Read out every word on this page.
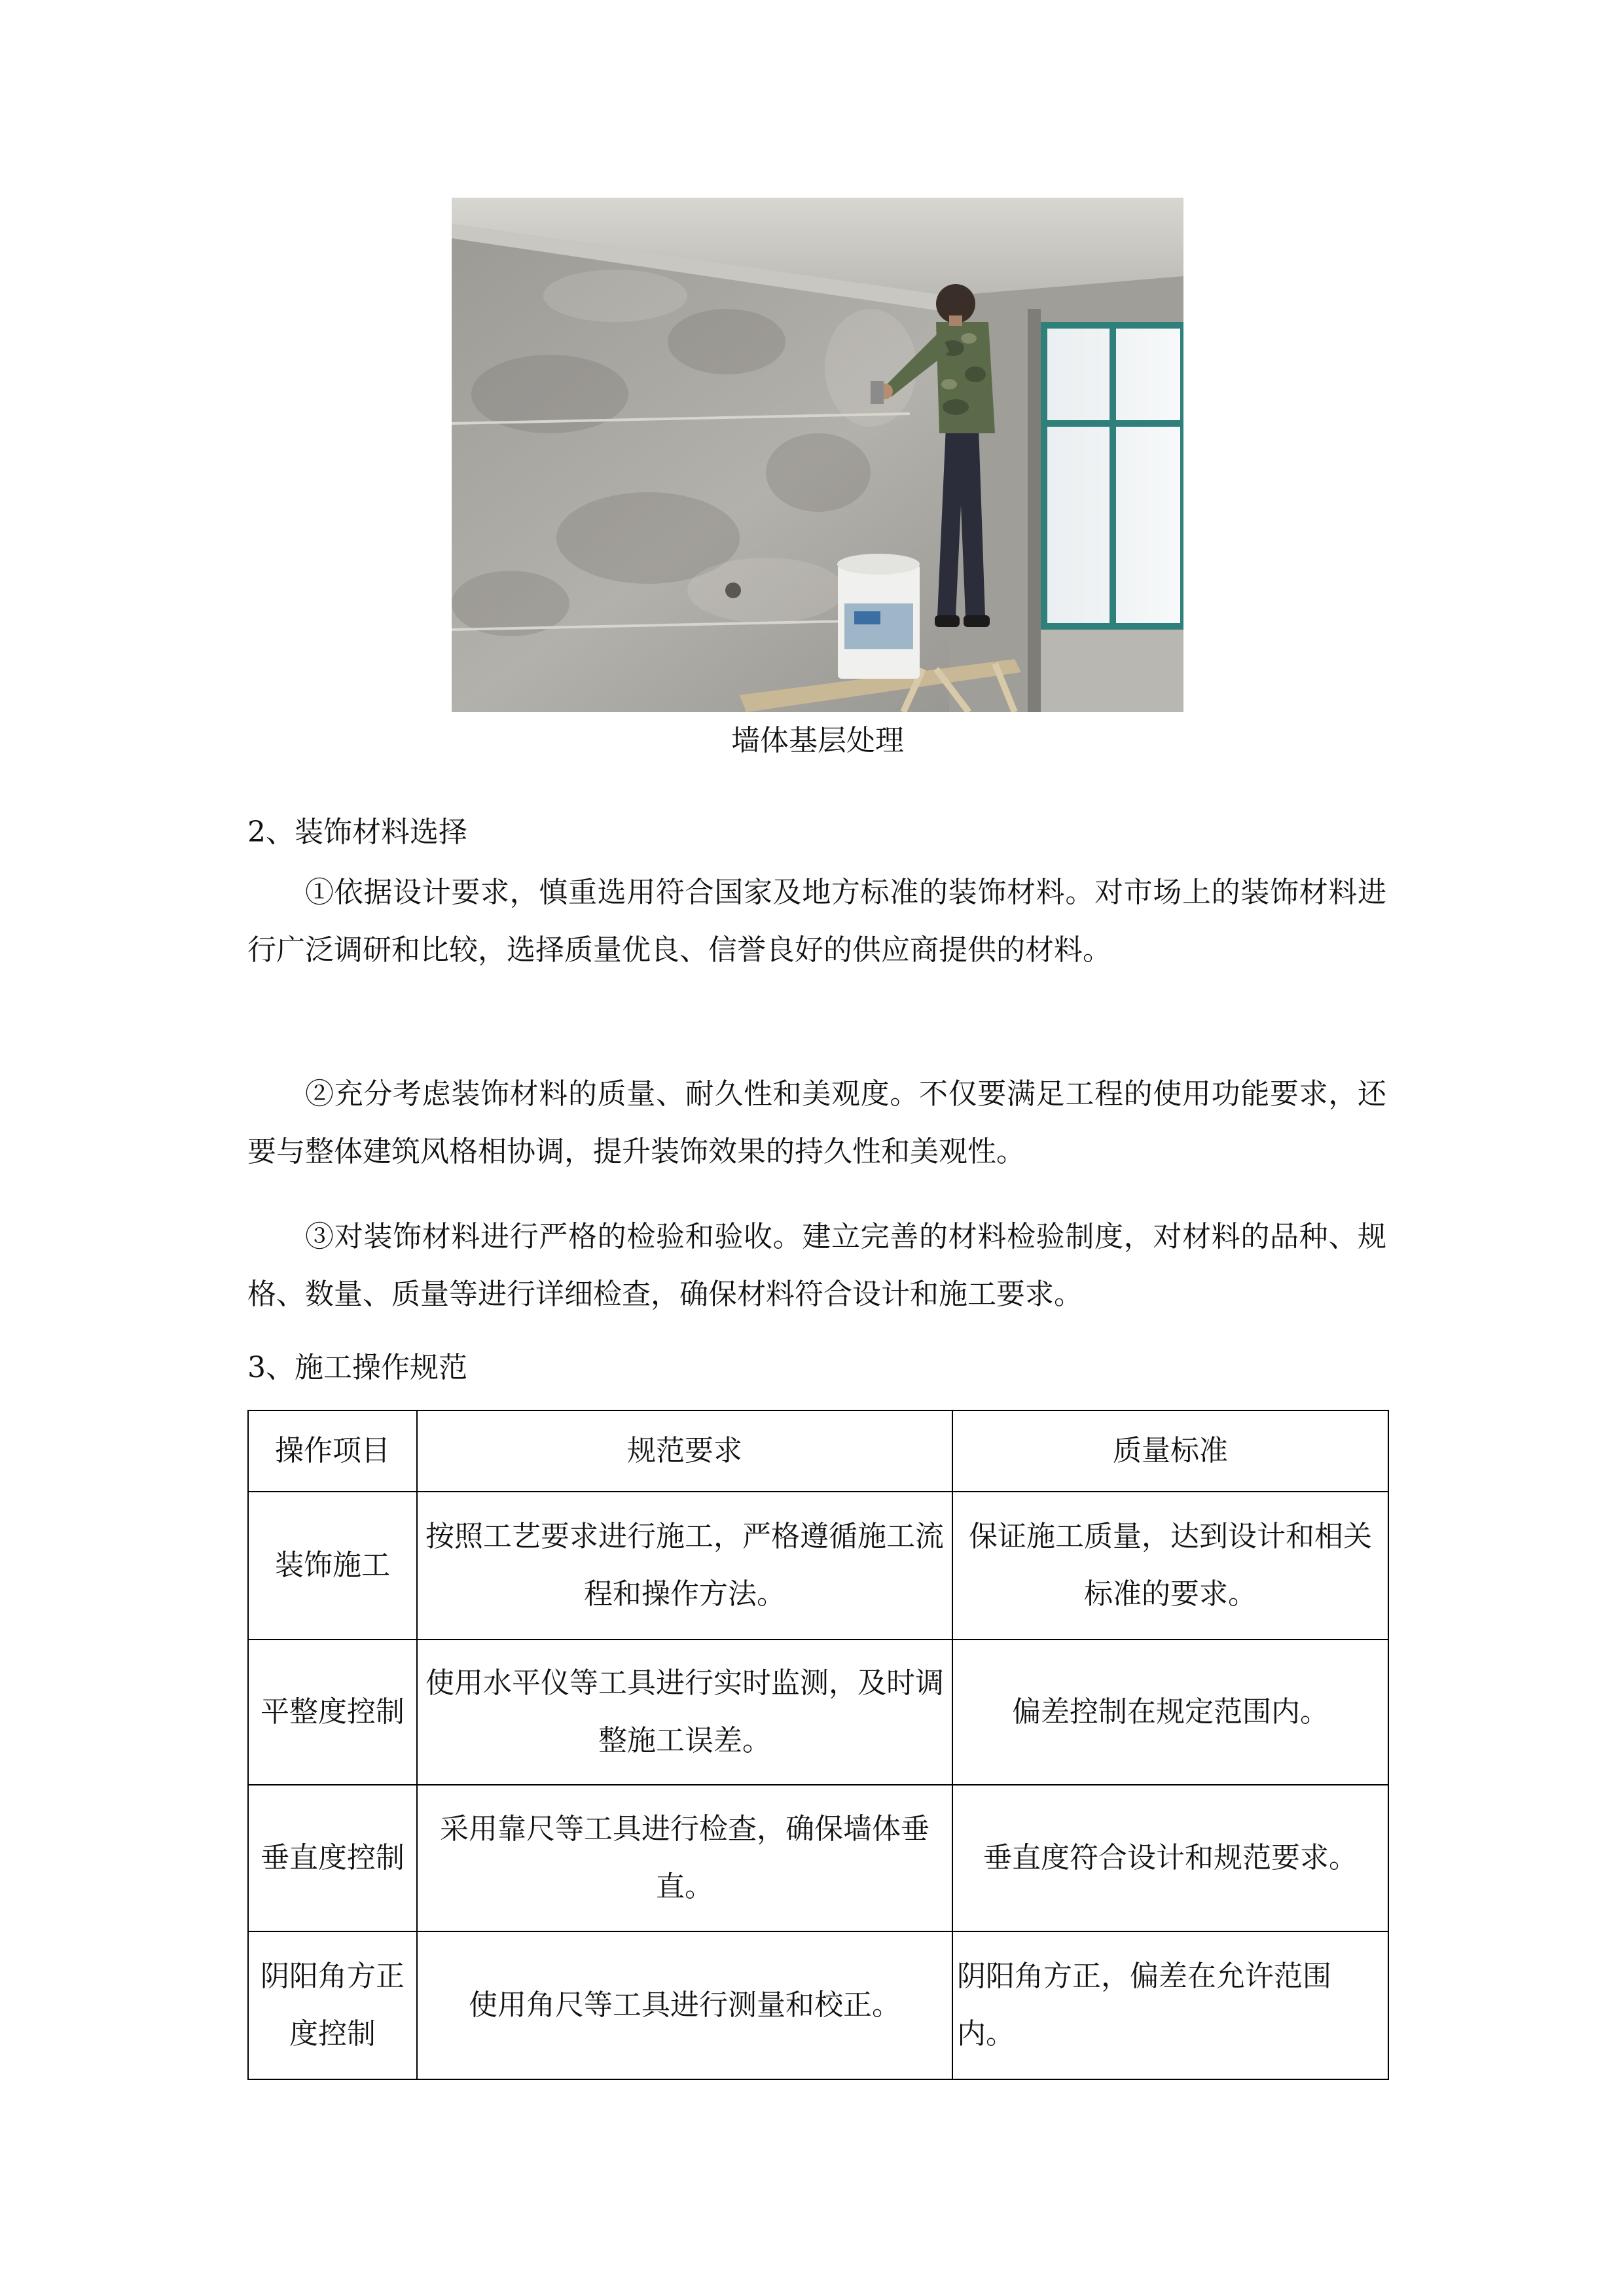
墙体基层处理
2、装饰材料选择

①依据设计要求，慎重选用符合国家及地方标准的装饰材料。对市场上的装饰材料进行广泛调研和比较，选择质量优良、信誉良好的供应商提供的材料。

②充分考虑装饰材料的质量、耐久性和美观度。不仅要满足工程的使用功能要求，还要与整体建筑风格相协调，提升装饰效果的持久性和美观性。

③对装饰材料进行严格的检验和验收。建立完善的材料检验制度，对材料的品种、规格、数量、质量等进行详细检查，确保材料符合设计和施工要求。

3、施工操作规范
操作项目	规范要求	质量标准
装饰施工	按照工艺要求进行施工，严格遵循施工流程和操作方法。	保证施工质量，达到设计和相关标准的要求。
平整度控制	使用水平仪等工具进行实时监测，及时调整施工误差。	偏差控制在规定范围内。
垂直度控制	采用靠尺等工具进行检查，确保墙体垂直。	垂直度符合设计和规范要求。
阴阳角方正度控制	使用角尺等工具进行测量和校正。	阴阳角方正，偏差在允许范围内。
